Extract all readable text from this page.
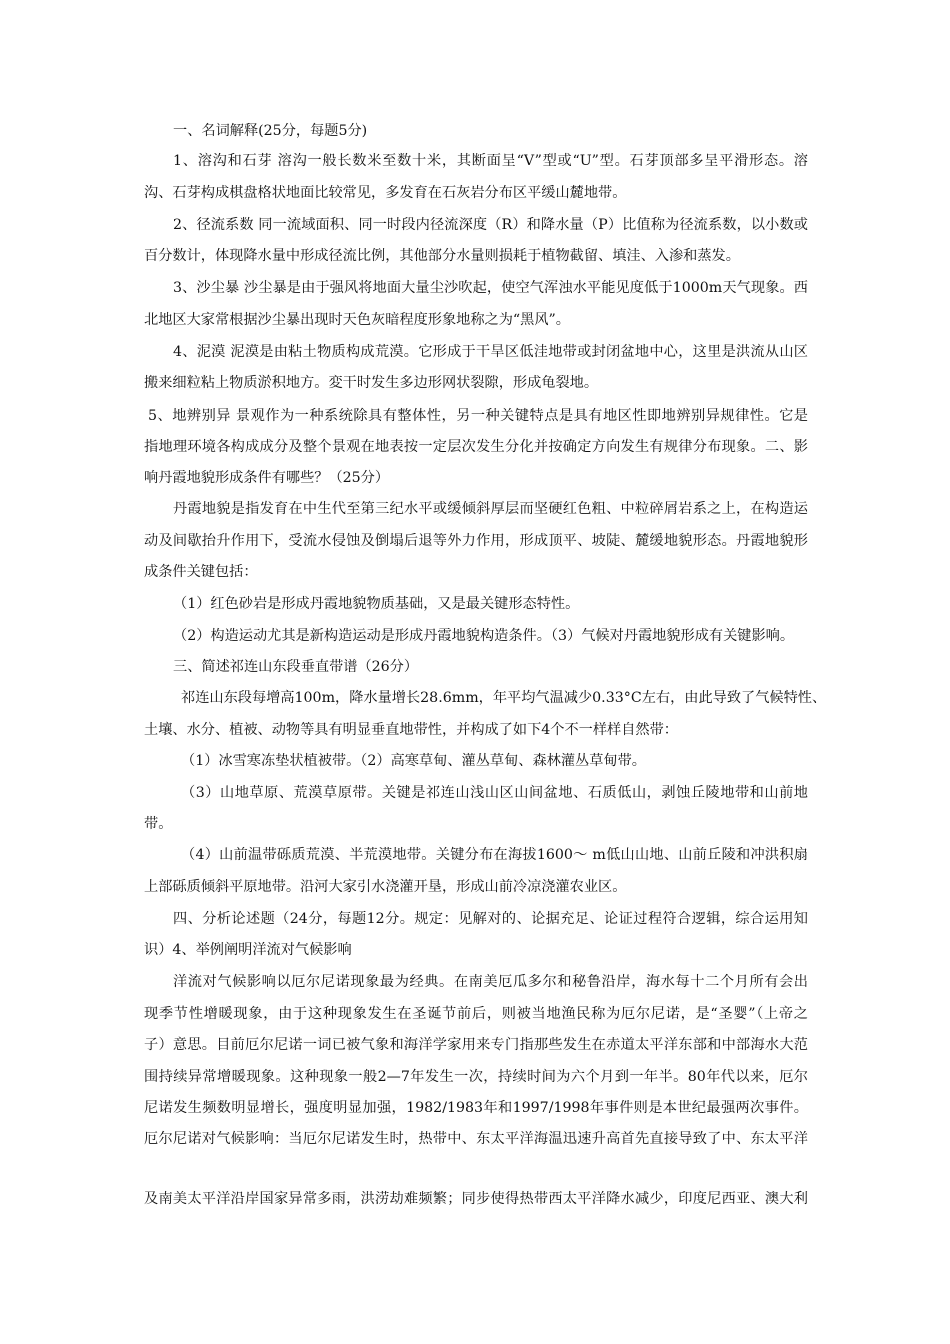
一、名词解释(25分，每题5分)
1、溶沟和石芽 溶沟一般长数米至数十米，其断面呈“V”型或“U”型。石芽顶部多呈平滑形态。溶
沟、石芽构成棋盘格状地面比较常见，多发育在石灰岩分布区平缓山麓地带。
2、径流系数 同一流域面积、同一时段内径流深度（R）和降水量（P）比值称为径流系数，以小数或
百分数计，体现降水量中形成径流比例，其他部分水量则损耗于植物截留、填洼、入渗和蒸发。
3、沙尘暴 沙尘暴是由于强风将地面大量尘沙吹起，使空气浑浊水平能见度低于1000m天气现象。西
北地区大家常根据沙尘暴出现时天色灰暗程度形象地称之为“黑风”。
4、泥漠 泥漠是由粘土物质构成荒漠。它形成于干旱区低洼地带或封闭盆地中心，这里是洪流从山区
搬来细粒粘上物质淤积地方。変干时发生多边形网状裂隙，形成龟裂地。
5、地辨别异 景观作为一种系统除具有整体性，另一种关键特点是具有地区性即地辨别异规律性。它是
指地理环境各构成成分及整个景观在地表按一定层次发生分化并按确定方向发生有规律分布现象。二、影
响丹霞地貌形成条件有哪些？（25分）
丹霞地貌是指发育在中生代至第三纪水平或缓倾斜厚层而坚硬红色粗、中粒碎屑岩系之上，在构造运
动及间歇抬升作用下，受流水侵蚀及倒塌后退等外力作用，形成顶平、坡陡、麓缓地貌形态。丹霞地貌形
成条件关键包括：
（1）红色砂岩是形成丹霞地貌物质基础，又是最关键形态特性。
（2）构造运动尤其是新构造运动是形成丹霞地貌构造条件。（3）气候对丹霞地貌形成有关键影响。
三、简述祁连山东段垂直带谱（26分）
祁连山东段每增高100m，降水量增长28.6mm，年平均气温减少0.33°C左右，由此导致了气候特性、
土壤、水分、植被、动物等具有明显垂直地带性，并构成了如下4个不一样样自然带：
（1）冰雪寒冻垫状植被带。（2）高寒草甸、灌丛草甸、森林灌丛草甸带。
（3）山地草原、荒漠草原带。关键是祁连山浅山区山间盆地、石质低山，剥蚀丘陵地带和山前地
带。
（4）山前温带砾质荒漠、半荒漠地带。关键分布在海拔1600～ m低山山地、山前丘陵和冲洪积扇
上部砾质倾斜平原地带。沿河大家引水浇灌开垦，形成山前冷凉浇灌农业区。
四、分析论述题（24分，每题12分。规定：见解对的、论据充足、论证过程符合逻辑，综合运用知
识）4、举例阐明洋流对气候影响
洋流对气候影响以厄尔尼诺现象最为经典。在南美厄瓜多尔和秘鲁沿岸，海水每十二个月所有会出
现季节性增暖现象，由于这种现象发生在圣诞节前后，则被当地渔民称为厄尔尼诺，是“圣婴”（上帝之
子）意思。目前厄尔尼诺一词已被气象和海洋学家用来专门指那些发生在赤道太平洋东部和中部海水大范
围持续异常增暖现象。这种现象一般2—7年发生一次，持续时间为六个月到一年半。80年代以来，厄尔
尼诺发生频数明显增长，强度明显加强，1982/1983年和1997/1998年事件则是本世纪最强两次事件。
厄尔尼诺对气候影响：当厄尔尼诺发生时，热带中、东太平洋海温迅速升高首先直接导致了中、东太平洋
及南美太平洋沿岸国家异常多雨，洪涝劫难频繁；同步使得热带西太平洋降水减少，印度尼西亚、澳大利
